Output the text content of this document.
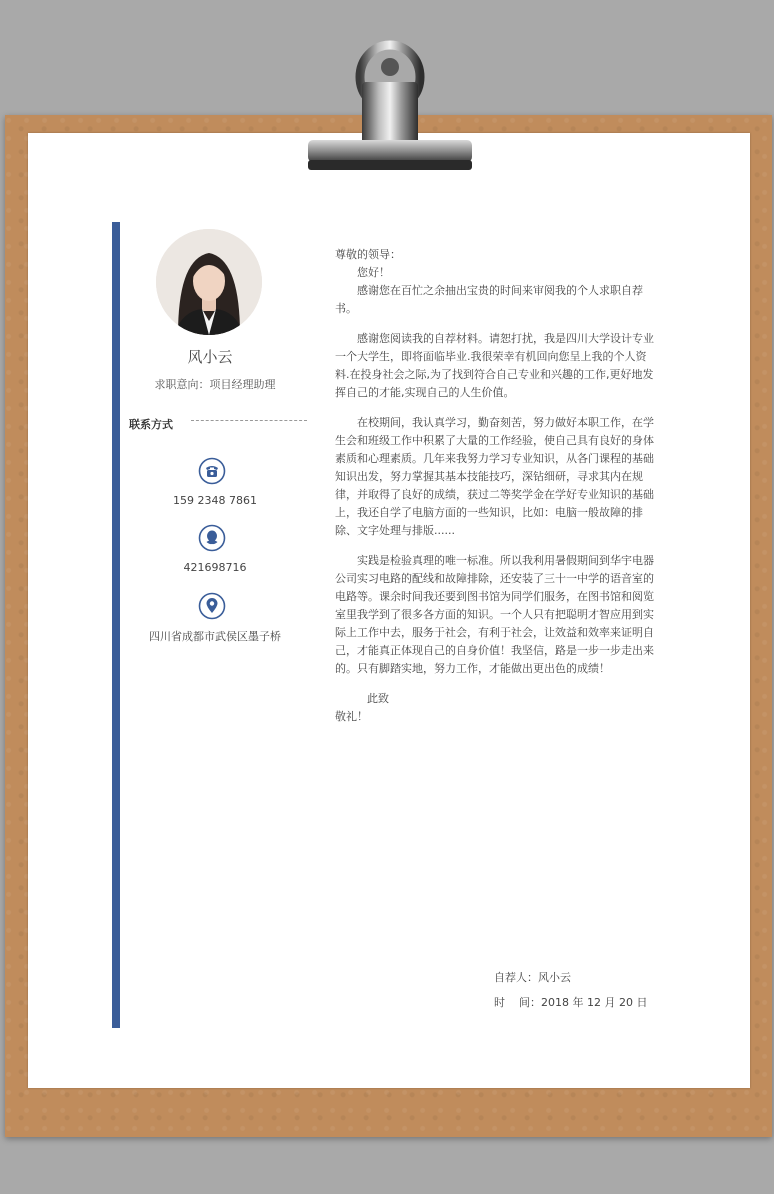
风小云
求职意向：项目经理助理
联系方式
159 2348 7861
421698716
四川省成都市武侯区墨子桥

尊敬的领导：

您好！

感谢您在百忙之余抽出宝贵的时间来审阅我的个人求职自荐书。

感谢您阅读我的自荐材料。请恕打扰，我是四川大学设计专业一个大学生，即将面临毕业.我很荣幸有机回向您呈上我的个人资料.在投身社会之际,为了找到符合自己专业和兴趣的工作,更好地发挥自己的才能,实现自己的人生价值。

在校期间，我认真学习，勤奋刻苦，努力做好本职工作，在学生会和班级工作中积累了大量的工作经验，使自己具有良好的身体素质和心理素质。几年来我努力学习专业知识，从各门课程的基础知识出发，努力掌握其基本技能技巧，深钻细研，寻求其内在规律，并取得了良好的成绩，获过二等奖学金在学好专业知识的基础上，我还自学了电脑方面的一些知识，比如：电脑一般故障的排除、文字处理与排版......

实践是检验真理的唯一标准。所以我利用暑假期间到华宇电器公司实习电路的配线和故障排除，还安装了三十一中学的语音室的电路等。课余时间我还要到图书馆为同学们服务，在图书馆和阅览室里我学到了很多各方面的知识。一个人只有把聪明才智应用到实际上工作中去，服务于社会，有利于社会，让效益和效率来证明自己，才能真正体现自己的自身价值！我坚信，路是一步一步走出来的。只有脚踏实地，努力工作，才能做出更出色的成绩！

此致

敬礼！

自荐人：风小云
时    间：2018 年 12 月 20 日
